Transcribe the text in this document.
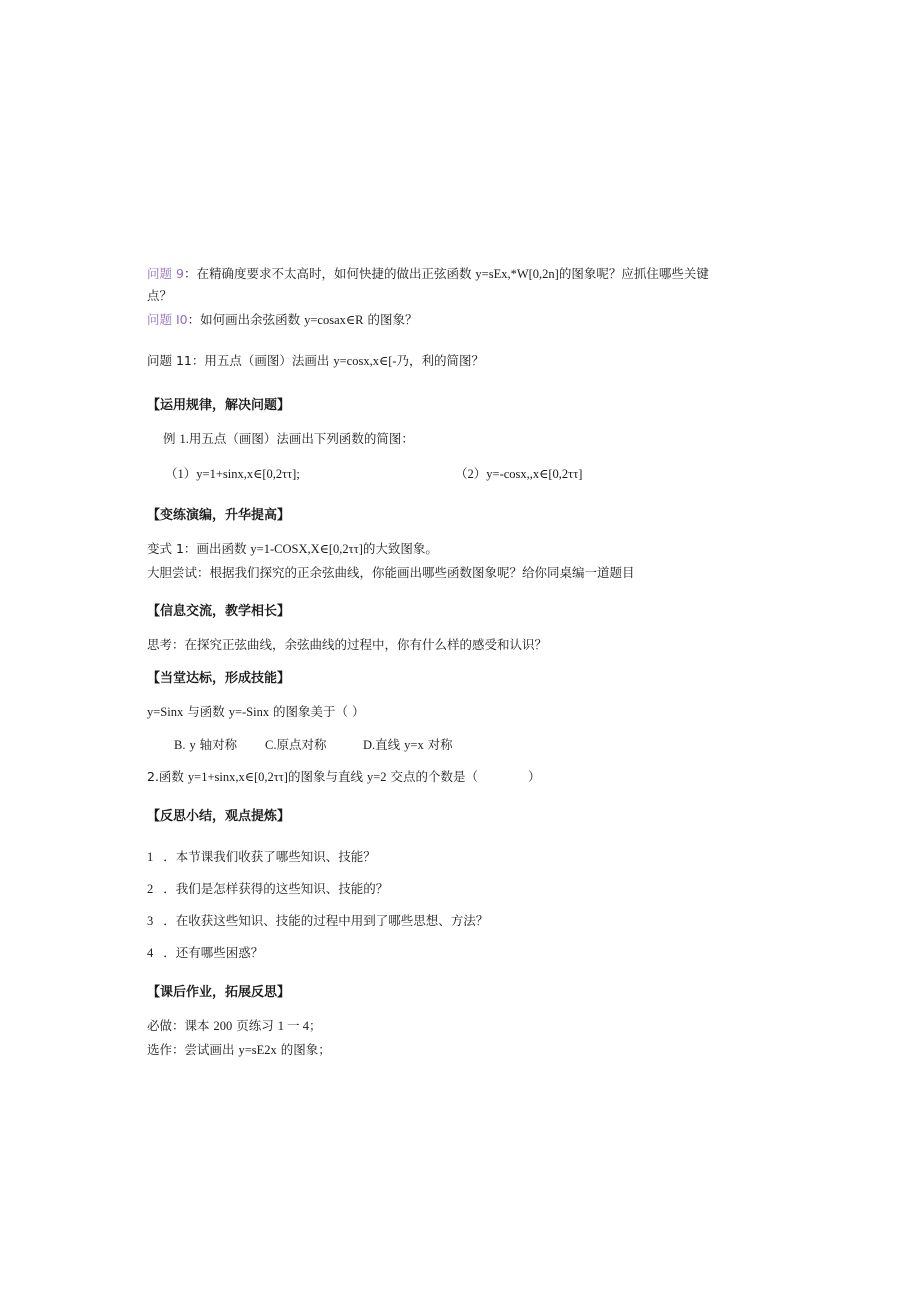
问题 9：在精确度要求不太高时，如何快捷的做出正弦函数 y=sEx,*W[0,2n]的图象呢？应抓住哪些关键
点？
问题 I0：如何画出余弦函数 y=cosax∈R 的图象？
问题 11：用五点（画图）法画出 y=cosx,x∈[-乃，利的简图？
【运用规律，解决问题】
例 1.用五点（画图）法画出下列函数的简图：
（1）y=1+sinx,x∈[0,2ττ];	（2）y=-cosx,,x∈[0,2ττ]
【变练演编，升华提高】
变式 1：画出函数 y=1-COSX,X∈[0,2ττ]的大致图象。
大胆尝试：根据我们探究的正余弦曲线，你能画出哪些函数图象呢？给你同桌编一道题目
【信息交流，教学相长】
思考：在探究正弦曲线，余弦曲线的过程中，你有什么样的感受和认识？
【当堂达标，形成技能】
y=Sinx 与函数 y=-Sinx 的图象美于（ ）
B. y 轴对称 C.原点对称	D.直线 y=x 对称
2.函数 y=1+sinx,x∈[0,2ττ]的图象与直线 y=2 交点的个数是（　　　　）
【反思小结，观点提炼】
1 ．本节课我们收获了哪些知识、技能？
2 ．我们是怎样获得的这些知识、技能的？
3 ．在收获这些知识、技能的过程中用到了哪些思想、方法？
4 ．还有哪些困惑？
【课后作业，拓展反思】
必做：课本 200 页练习 1 一 4；
选作：尝试画出 y=sE2x 的图象；
